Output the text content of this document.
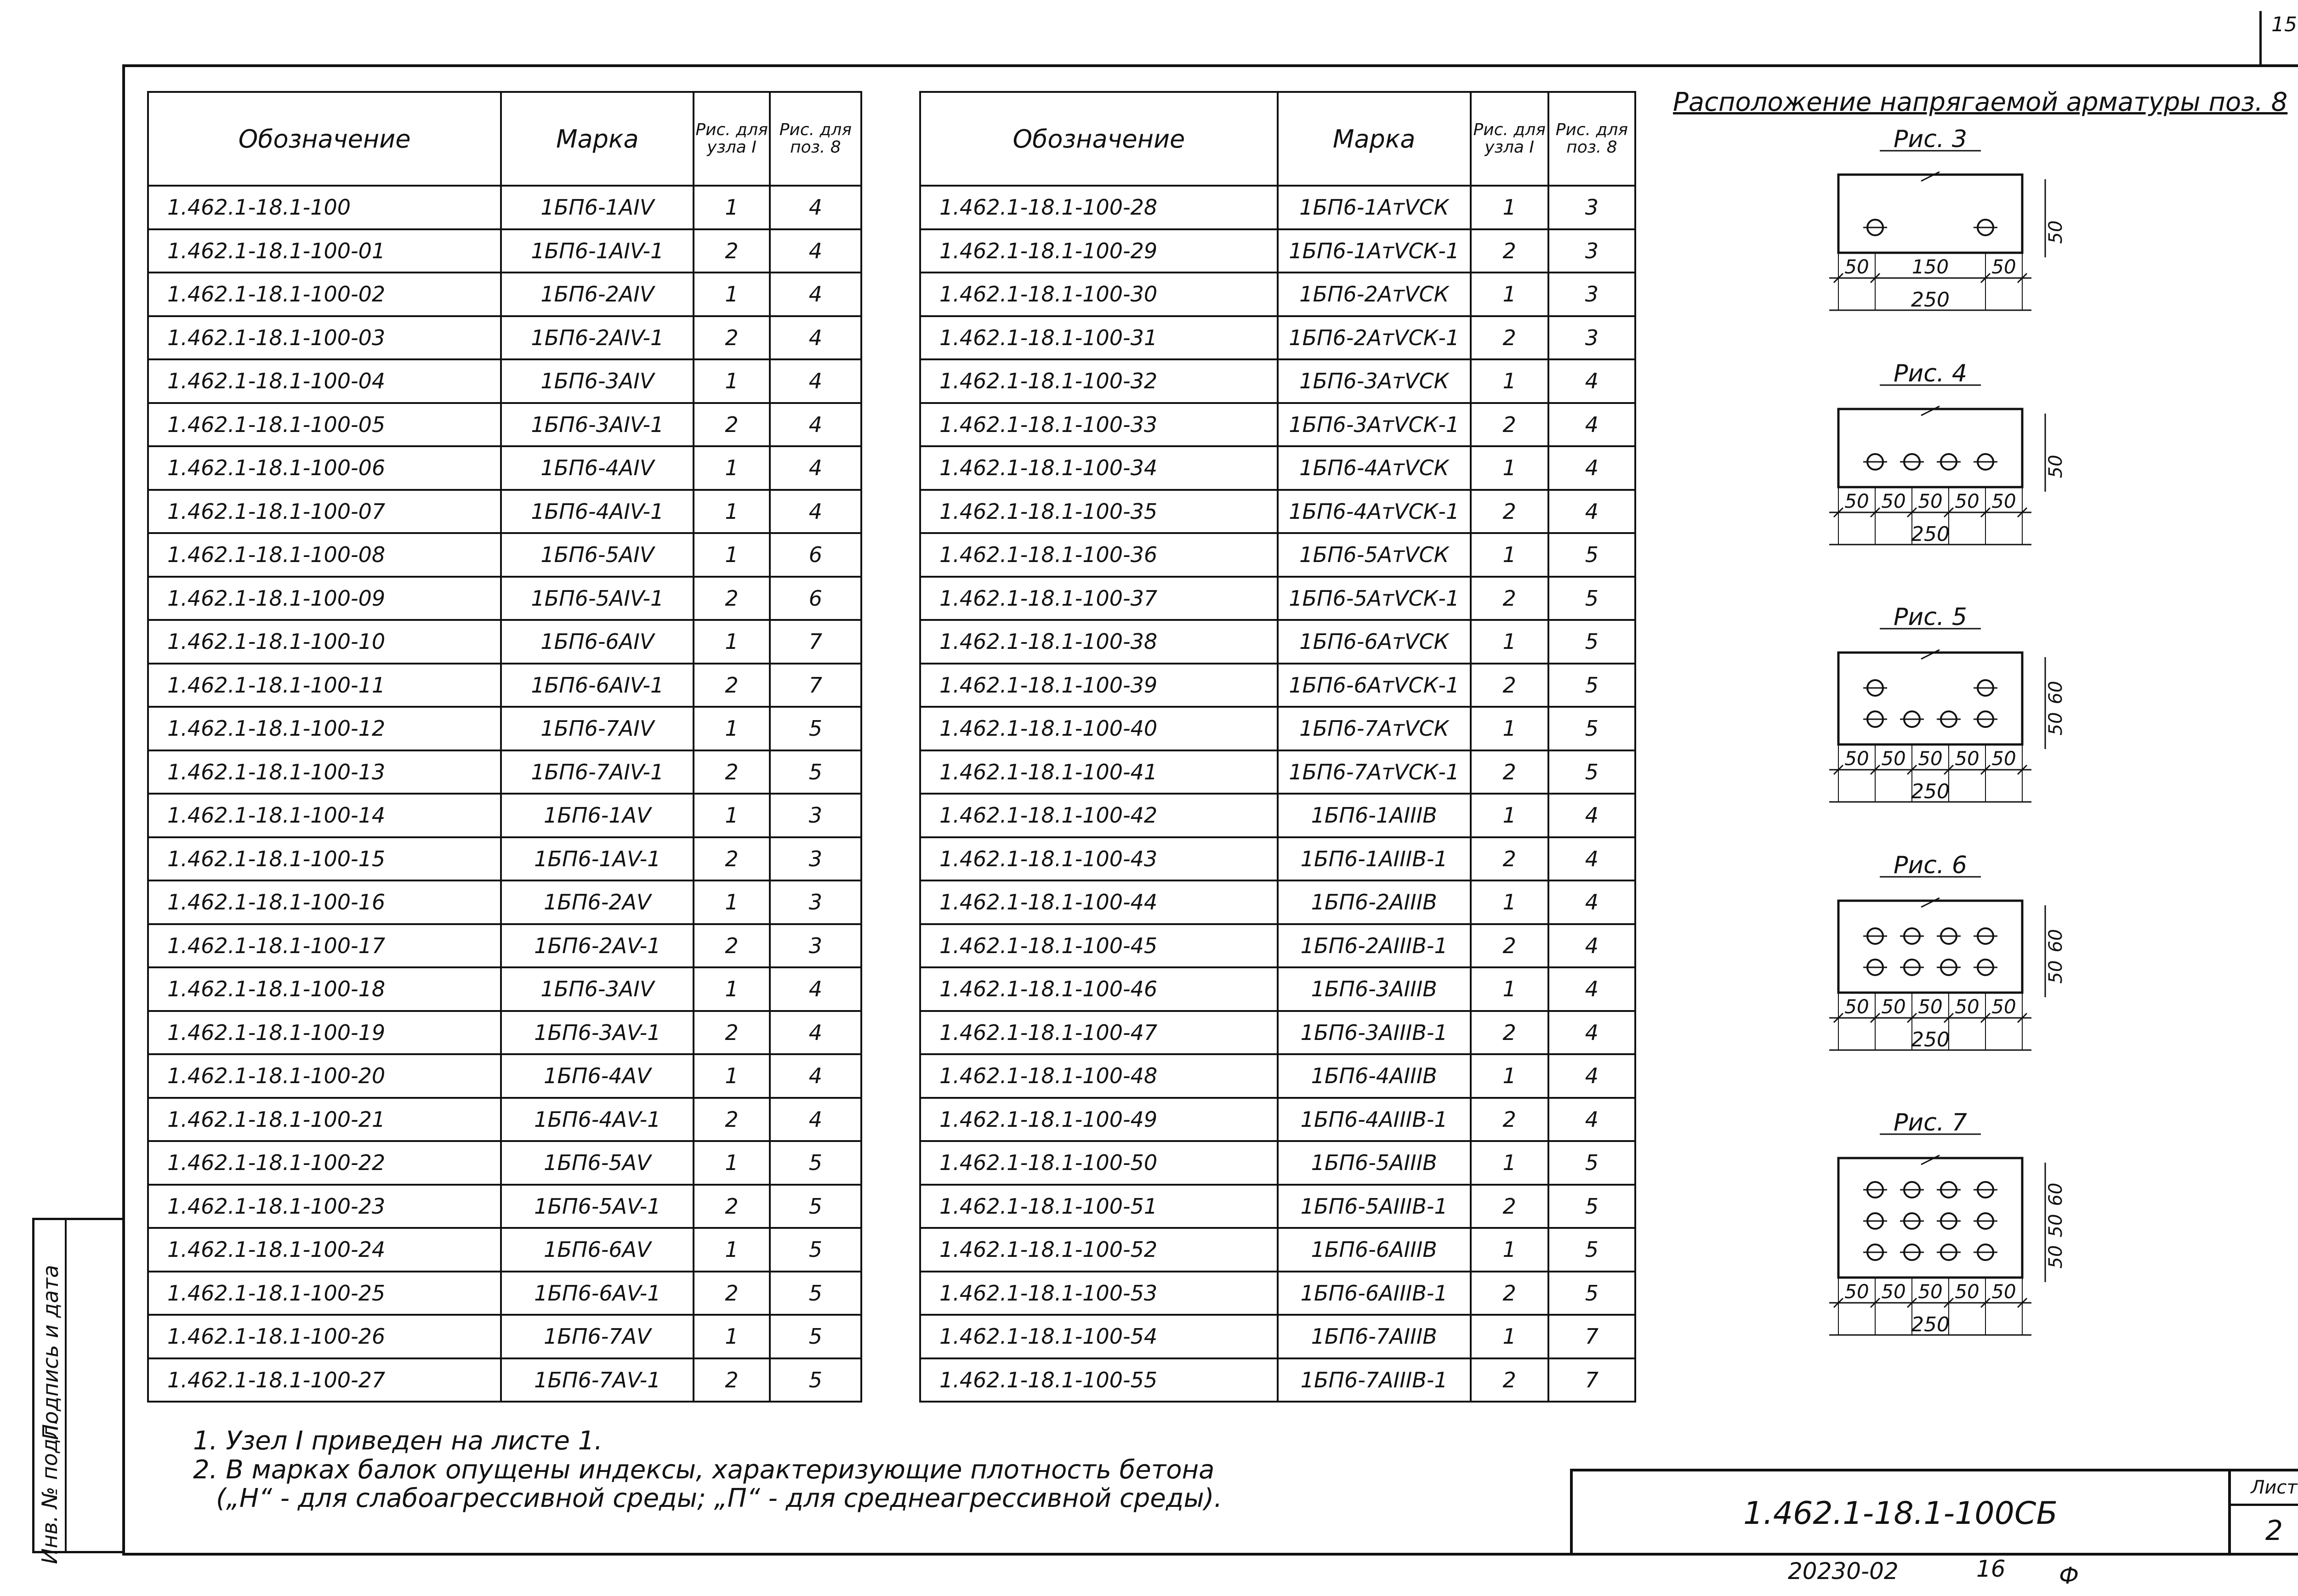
15
Обозначение	Марка	Рис. для узла I	Рис. для поз. 8
1.462.1-18.1-100	1БП6-1АIV	1	4
1.462.1-18.1-100-01	1БП6-1АIV-1	2	4
1.462.1-18.1-100-02	1БП6-2АIV	1	4
1.462.1-18.1-100-03	1БП6-2АIV-1	2	4
1.462.1-18.1-100-04	1БП6-3АIV	1	4
1.462.1-18.1-100-05	1БП6-3АIV-1	2	4
1.462.1-18.1-100-06	1БП6-4АIV	1	4
1.462.1-18.1-100-07	1БП6-4АIV-1	1	4
1.462.1-18.1-100-08	1БП6-5АIV	1	6
1.462.1-18.1-100-09	1БП6-5АIV-1	2	6
1.462.1-18.1-100-10	1БП6-6АIV	1	7
1.462.1-18.1-100-11	1БП6-6АIV-1	2	7
1.462.1-18.1-100-12	1БП6-7АIV	1	5
1.462.1-18.1-100-13	1БП6-7АIV-1	2	5
1.462.1-18.1-100-14	1БП6-1АV	1	3
1.462.1-18.1-100-15	1БП6-1АV-1	2	3
1.462.1-18.1-100-16	1БП6-2АV	1	3
1.462.1-18.1-100-17	1БП6-2АV-1	2	3
1.462.1-18.1-100-18	1БП6-3АIV	1	4
1.462.1-18.1-100-19	1БП6-3АV-1	2	4
1.462.1-18.1-100-20	1БП6-4АV	1	4
1.462.1-18.1-100-21	1БП6-4АV-1	2	4
1.462.1-18.1-100-22	1БП6-5АV	1	5
1.462.1-18.1-100-23	1БП6-5АV-1	2	5
1.462.1-18.1-100-24	1БП6-6АV	1	5
1.462.1-18.1-100-25	1БП6-6АV-1	2	5
1.462.1-18.1-100-26	1БП6-7АV	1	5
1.462.1-18.1-100-27	1БП6-7АV-1	2	5
Обозначение	Марка	Рис. для узла I	Рис. для поз. 8
1.462.1-18.1-100-28	1БП6-1АтVСК	1	3
1.462.1-18.1-100-29	1БП6-1АтVСК-1	2	3
1.462.1-18.1-100-30	1БП6-2АтVСК	1	3
1.462.1-18.1-100-31	1БП6-2АтVСК-1	2	3
1.462.1-18.1-100-32	1БП6-3АтVСК	1	4
1.462.1-18.1-100-33	1БП6-3АтVСК-1	2	4
1.462.1-18.1-100-34	1БП6-4АтVСК	1	4
1.462.1-18.1-100-35	1БП6-4АтVСК-1	2	4
1.462.1-18.1-100-36	1БП6-5АтVСК	1	5
1.462.1-18.1-100-37	1БП6-5АтVСК-1	2	5
1.462.1-18.1-100-38	1БП6-6АтVСК	1	5
1.462.1-18.1-100-39	1БП6-6АтVСК-1	2	5
1.462.1-18.1-100-40	1БП6-7АтVСК	1	5
1.462.1-18.1-100-41	1БП6-7АтVСК-1	2	5
1.462.1-18.1-100-42	1БП6-1АIIIВ	1	4
1.462.1-18.1-100-43	1БП6-1АIIIВ-1	2	4
1.462.1-18.1-100-44	1БП6-2АIIIВ	1	4
1.462.1-18.1-100-45	1БП6-2АIIIВ-1	2	4
1.462.1-18.1-100-46	1БП6-3АIIIВ	1	4
1.462.1-18.1-100-47	1БП6-3АIIIВ-1	2	4
1.462.1-18.1-100-48	1БП6-4АIIIВ	1	4
1.462.1-18.1-100-49	1БП6-4АIIIВ-1	2	4
1.462.1-18.1-100-50	1БП6-5АIIIВ	1	5
1.462.1-18.1-100-51	1БП6-5АIIIВ-1	2	5
1.462.1-18.1-100-52	1БП6-6АIIIВ	1	5
1.462.1-18.1-100-53	1БП6-6АIIIВ-1	2	5
1.462.1-18.1-100-54	1БП6-7АIIIВ	1	7
1.462.1-18.1-100-55	1БП6-7АIIIВ-1	2	7
Расположение напрягаемой арматуры поз. 8
Рис. 3
50 150 50
250
50
Рис. 4
50 50 50 50 50
250
50
Рис. 5
50 50 50 50 50
250
50
60
Рис. 6
50 50 50 50 50
250
50
60
Рис. 7
50 50 50 50 50
250
50
50
60
1. Узел I приведен на листе 1.
2. В марках балок опущены индексы, характеризующие плотность бетона
(„Н“ - для слабоагрессивной среды; „П“ - для среднеагрессивной среды).	1.462.1-18.1-100СБ
Лист
2
Инв. № подл.
Подпись и дата
20230-02	16 Ф
